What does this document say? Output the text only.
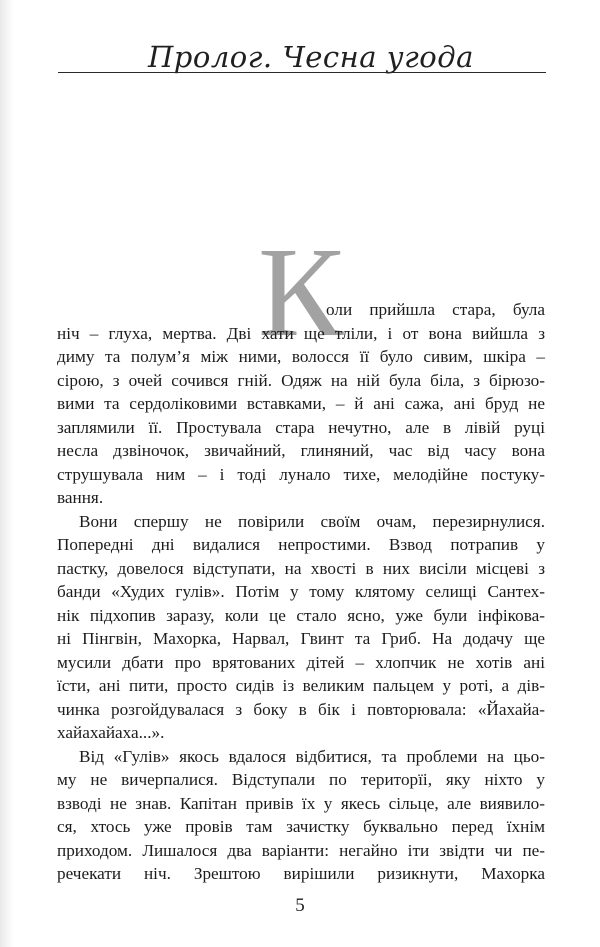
Пролог. Чесна угода
К
оли прийшла стара, була
ніч – глуха, мертва. Дві хати ще тліли, і от вона вийшла з
диму та полум’я між ними, волосся її було сивим, шкіра –
сірою, з очей сочився гній. Одяж на ній була біла, з бірюзо-
вими та сердоліковими вставками, – й ані сажа, ані бруд не
заплямили її. Простувала стара нечутно, але в лівій руці
несла дзвіночок, звичайний, глиняний, час від часу вона
струшувала ним – і тоді лунало тихе, мелодійне постуку-
вання.
Вони спершу не повірили своїм очам, перезирнулися.
Попередні дні видалися непростими. Взвод потрапив у
пастку, довелося відступати, на хвості в них висіли місцеві з
банди «Худих гулів». Потім у тому клятому селищі Сантех-
нік підхопив заразу, коли це стало ясно, уже були інфікова-
ні Пінгвін, Махорка, Нарвал, Гвинт та Гриб. На додачу ще
мусили дбати про врятованих дітей – хлопчик не хотів ані
їсти, ані пити, просто сидів із великим пальцем у роті, а дів-
чинка розгойдувалася з боку в бік і повторювала: «Йахайа-
хайахайаха...».
Від «Гулів» якось вдалося відбитися, та проблеми на цьо-
му не вичерпалися. Відступали по територїі, яку ніхто у
взводі не знав. Капітан привів їх у якесь сільце, але виявило-
ся, хтось уже провів там зачистку буквально перед їхнім
приходом. Лишалося два варіанти: негайно іти звідти чи пе-
речекати ніч. Зрештою вирішили ризикнути, Махорка
5
